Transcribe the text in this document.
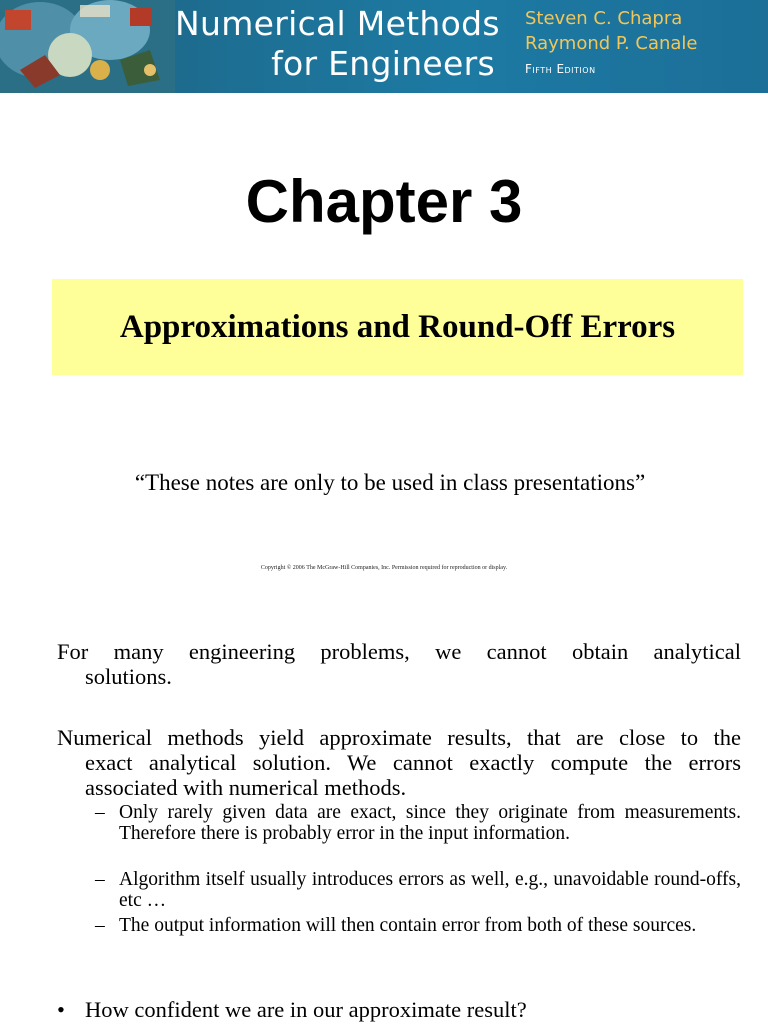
Numerical Methods
for Engineers
Steven C. Chapra
Raymond P. Canale
Fifth Edition
Chapter 3
Approximations and Round-Off Errors
“These notes are only to be used in class presentations”
Copyright © 2006 The McGraw-Hill Companies, Inc. Permission required for reproduction or display.
For many engineering problems, we cannot obtain analytical
solutions.
Numerical methods yield approximate results, that are close to the
exact analytical solution. We cannot exactly compute the errors associated with numerical methods.
– Only rarely given data are exact, since they originate from measurements. Therefore there is probably error in the input information.
– Algorithm itself usually introduces errors as well, e.g., unavoidable round-offs, etc …
– The output information will then contain error from both of these sources.
• How confident we are in our approximate result?
